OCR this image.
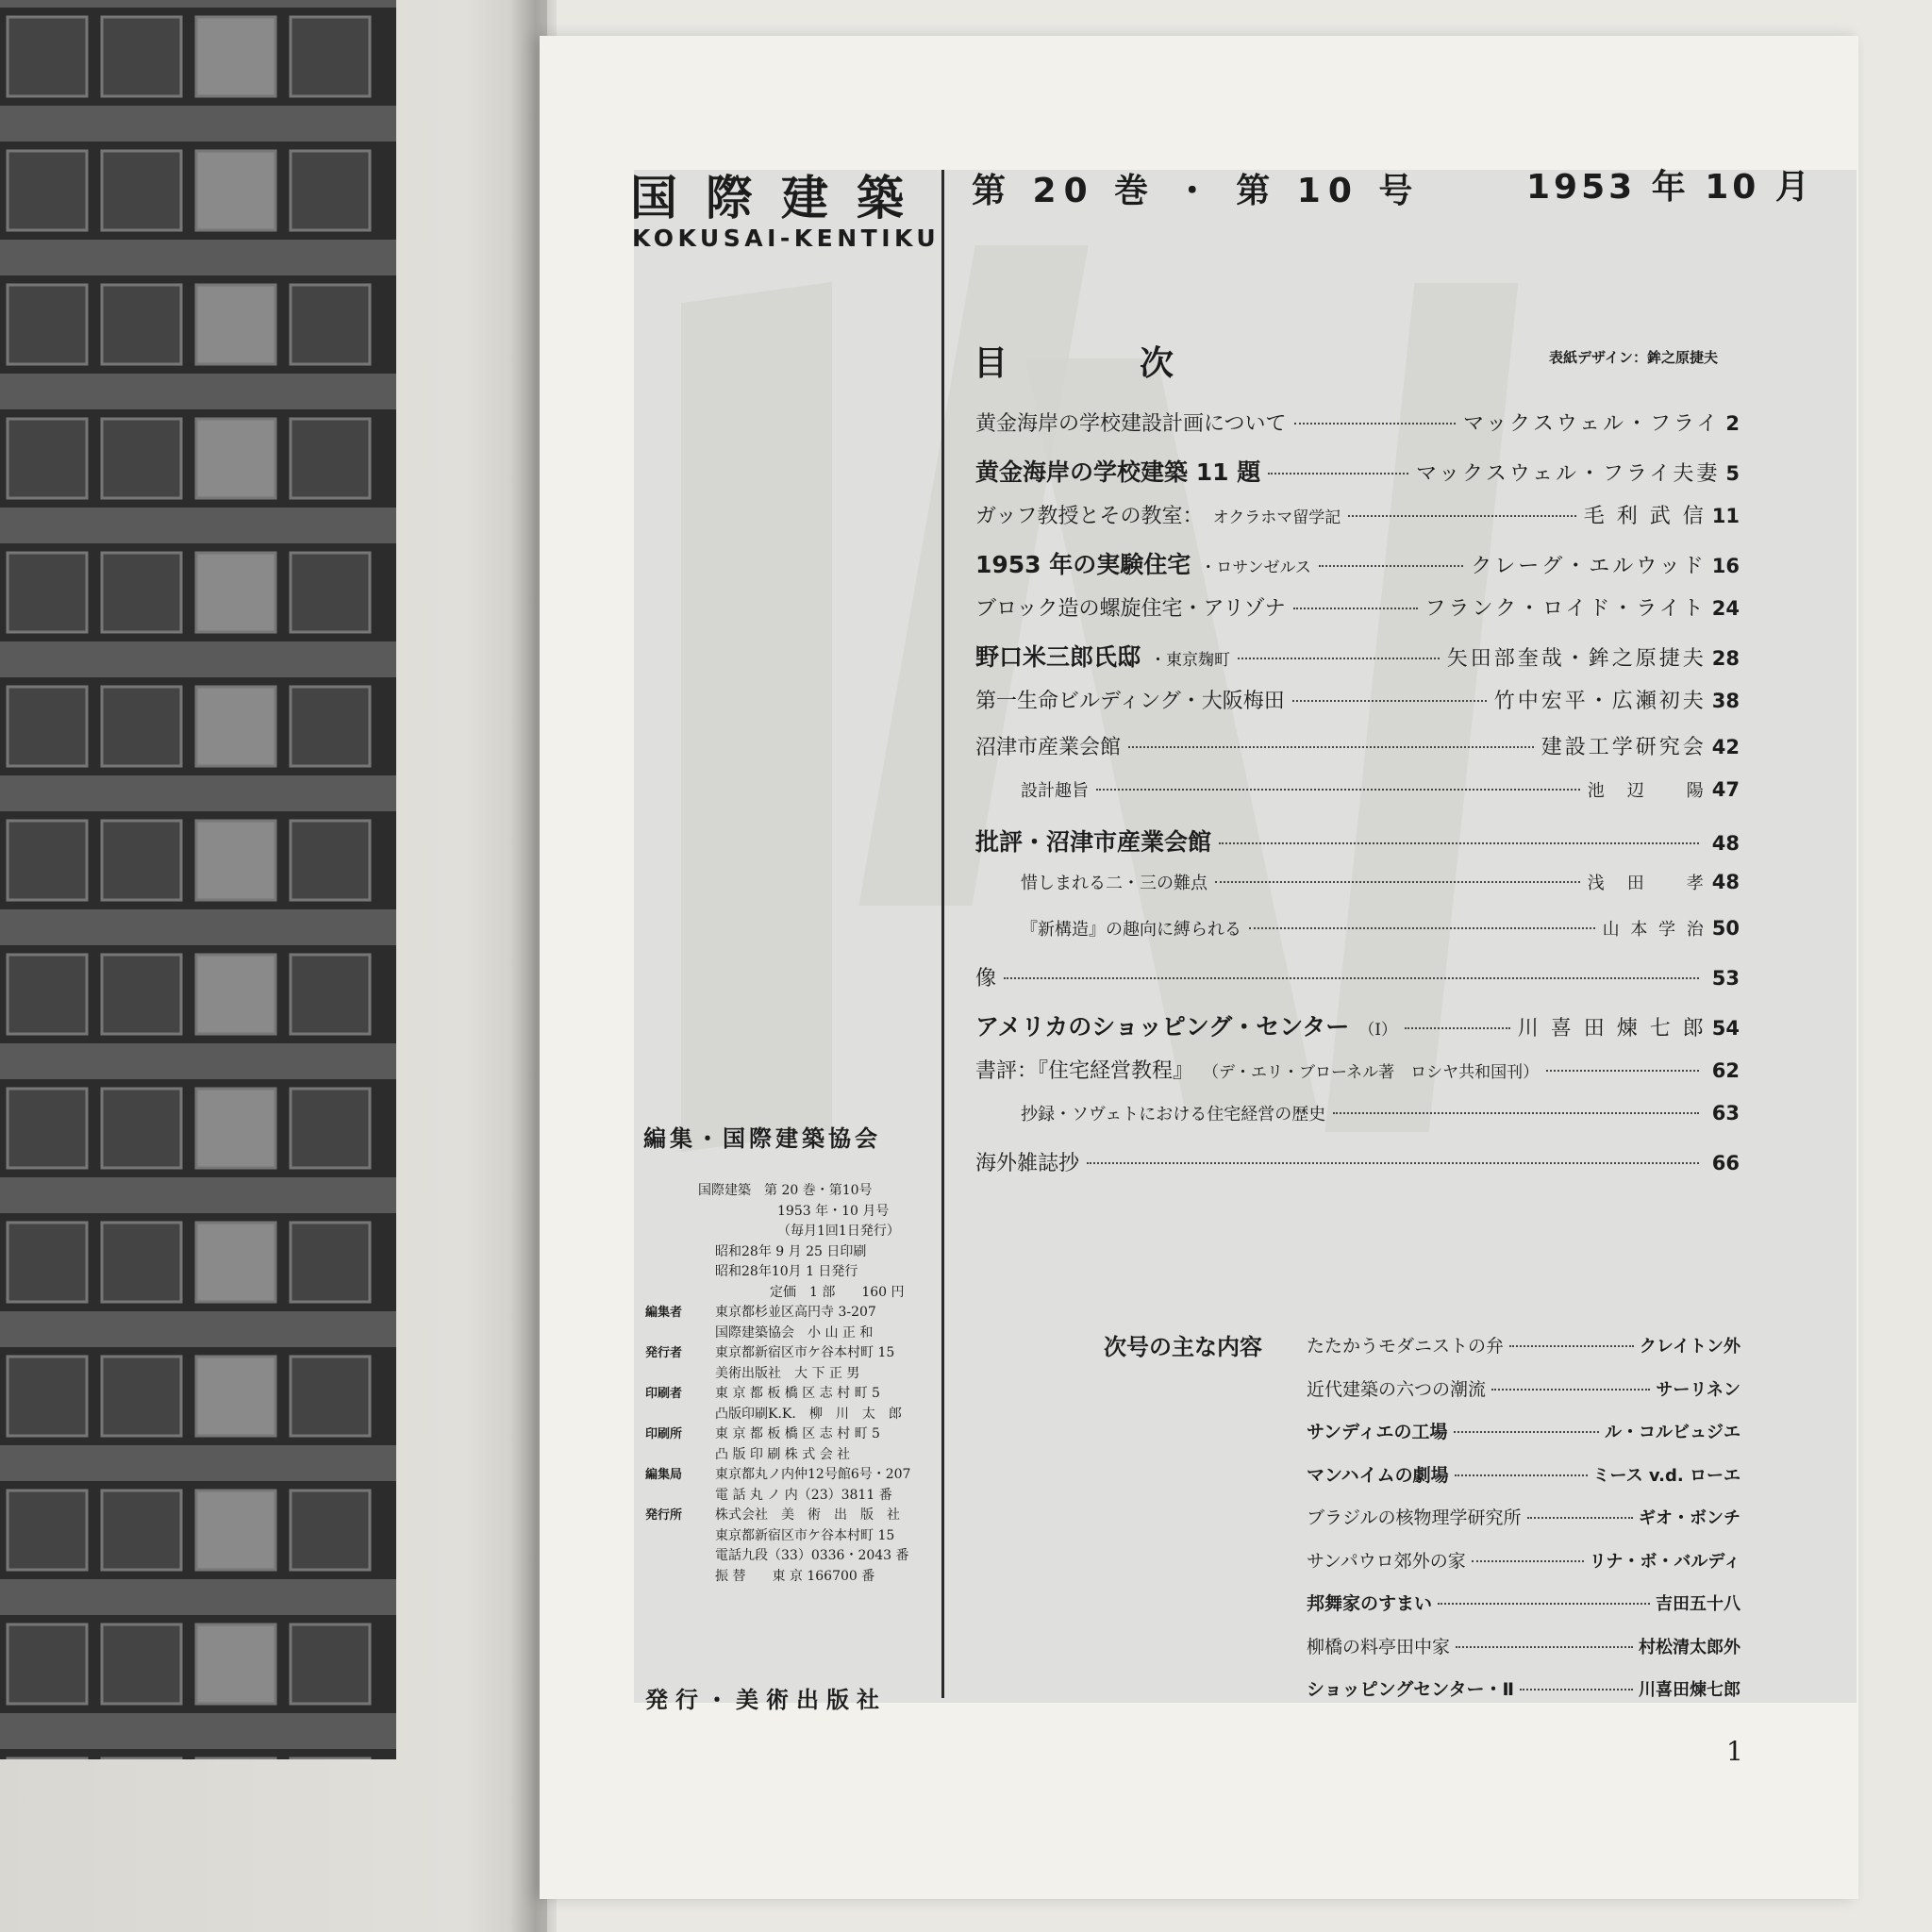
国際建築
KOKUSAI-KENTIKU
第 20 巻 ・ 第 10 号	1953 年 10 月
目　次	表紙デザイン：鉾之原捷夫
黄金海岸の学校建設計画について	マックスウェル・フライ 2
黄金海岸の学校建築 11 題	マックスウェル・フライ夫妻 5
ガッフ教授とその教室： オクラホマ留学記	毛 利 武 信 11
1953 年の実験住宅 ・ロサンゼルス	クレーグ・エルウッド 16
ブロック造の螺旋住宅・アリゾナ	フランク・ロイド・ライト 24
野口米三郎氏邸 ・東京麹町	矢田部奎哉・鉾之原捷夫 28
第一生命ビルディング・大阪梅田	竹中宏平・広瀬初夫 38
沼津市産業会館	建設工学研究会 42
設計趣旨	池　辺　　陽 47
批評・沼津市産業会館	48
惜しまれる二・三の難点	浅　田　　孝 48
『新構造』の趣向に縛られる	山 本 学 治 50
像	53
アメリカのショッピング・センター （I）	川 喜 田 煉 七 郎 54
書評：『住宅経営教程』 （デ・エリ・ブローネル著　ロシヤ共和国刊）	62
抄録・ソヴェトにおける住宅経営の歴史	63
海外雑誌抄	66
編集・国際建築協会
国際建築　第 20 巻・第10号
1953 年・10 月号
（毎月1回1日発行）
昭和28年 9 月 25 日印刷
昭和28年10月 1 日発行
定価　1 部　　160 円
編集者	東京都杉並区高円寺 3-207
国際建築協会　小 山 正 和
発行者	東京都新宿区市ケ谷本村町 15
美術出版社　大 下 正 男
印刷者	東 京 都 板 橋 区 志 村 町 5
凸版印刷K.K.　柳　川　太　郎
印刷所	東 京 都 板 橋 区 志 村 町 5
凸 版 印 刷 株 式 会 社
編集局	東京都丸ノ内仲12号館6号・207
電 話 丸 ノ 内（23）3811 番
発行所	株式会社　美　術　出　版　社
東京都新宿区市ケ谷本村町 15
電話九段（33）0336・2043 番
振 替　　東 京 166700 番
発行・美術出版社
次号の主な内容 たたかうモダニストの弁	クレイトン外
近代建築の六つの潮流	サーリネン
サンディエの工場	ル・コルビュジエ
マンハイムの劇場	ミース v.d. ローエ
ブラジルの核物理学研究所	ギオ・ボンチ
サンパウロ郊外の家	リナ・ボ・バルディ
邦舞家のすまい	吉田五十八
柳橋の料亭田中家	村松清太郎外
ショッピングセンター・Ⅱ	川喜田煉七郎
1
